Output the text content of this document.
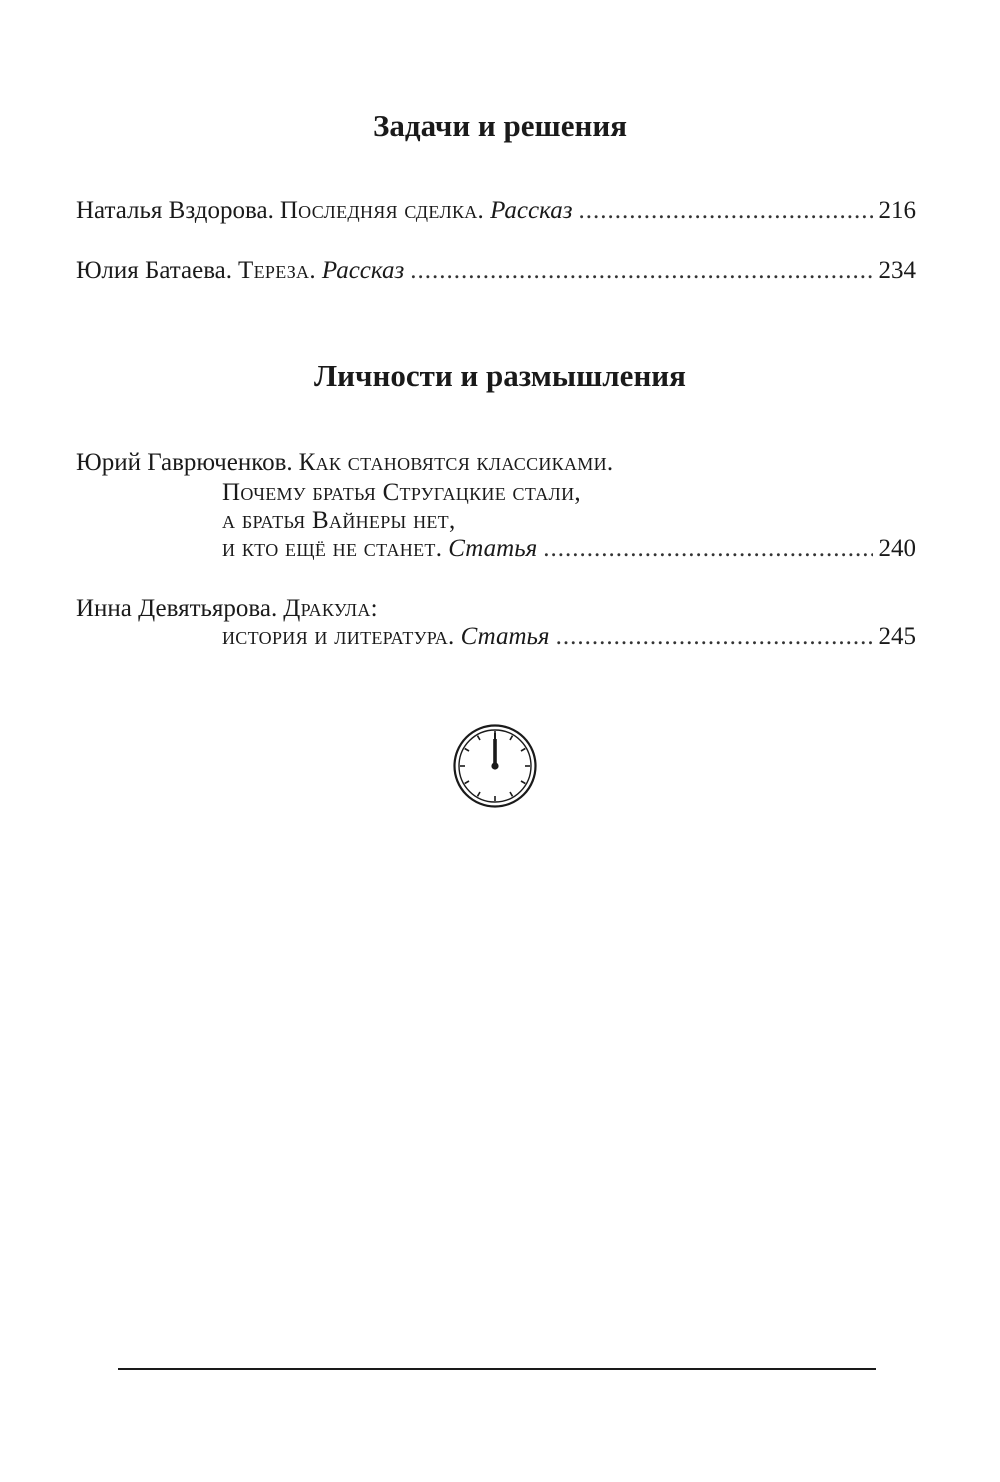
Задачи и решения
Наталья Вздорова. Последняя сделка. Рассказ .....	216
Юлия Батаева. Тереза. Рассказ .....	234
Личности и размышления
Юрий Гаврюченков. Как становятся классиками.
Почему братья Стругацкие стали,
а братья Вайнеры нет,
и кто ещё не станет. Статья .....	240
Инна Девятьярова. Дракула:
история и литература. Статья .....	245
